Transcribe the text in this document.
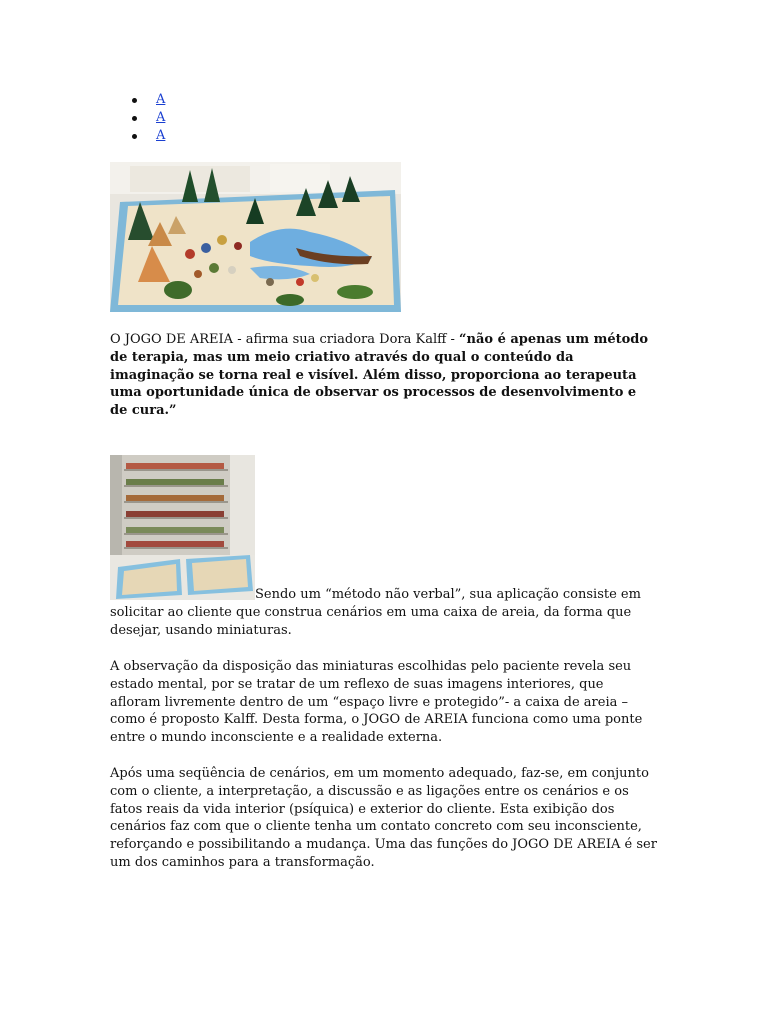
A
A
A

O JOGO DE AREIA - afirma sua criadora Dora Kalff - “não é apenas um método de terapia, mas um meio criativo através do qual o conteúdo da imaginação se torna real e visível. Além disso, proporciona ao terapeuta uma oportunidade única de observar os processos de desenvolvimento e de cura.”

Sendo um “método não verbal”, sua aplicação consiste em

solicitar ao cliente que construa cenários em uma caixa de areia, da forma que desejar, usando miniaturas.

A observação da disposição das miniaturas escolhidas pelo paciente revela seu estado mental, por se tratar de um reflexo de suas imagens interiores, que afloram livremente dentro de um “espaço livre e protegido”- a caixa de areia – como é proposto Kalff. Desta forma, o JOGO de AREIA funciona como uma ponte entre o mundo inconsciente e a realidade externa.

Após uma seqüência de cenários, em um momento adequado, faz-se, em conjunto com o cliente, a interpretação, a discussão e as ligações entre os cenários e os fatos reais da vida interior (psíquica) e exterior do cliente. Esta exibição dos cenários faz com que o cliente tenha um contato concreto com seu inconsciente, reforçando e possibilitando a mudança. Uma das funções do JOGO DE AREIA é ser um dos caminhos para a transformação.
